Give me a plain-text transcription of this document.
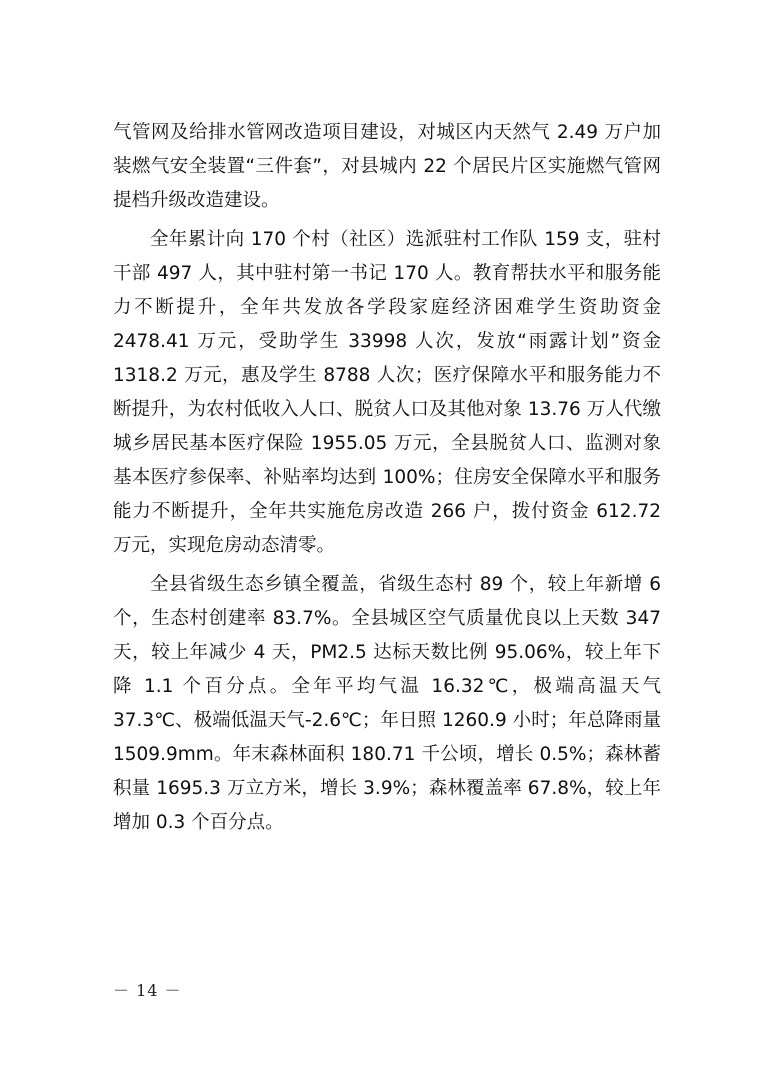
气管网及给排水管网改造项目建设，对城区内天然气 2.49 万户加装燃气安全装置“三件套”，对县城内 22 个居民片区实施燃气管网提档升级改造建设。

全年累计向 170 个村（社区）选派驻村工作队 159 支，驻村干部 497 人，其中驻村第一书记 170 人。教育帮扶水平和服务能力不断提升，全年共发放各学段家庭经济困难学生资助资金 2478.41 万元，受助学生 33998 人次，发放“雨露计划”资金 1318.2 万元，惠及学生 8788 人次；医疗保障水平和服务能力不断提升，为农村低收入人口、脱贫人口及其他对象 13.76 万人代缴城乡居民基本医疗保险 1955.05 万元，全县脱贫人口、监测对象基本医疗参保率、补贴率均达到 100%；住房安全保障水平和服务能力不断提升，全年共实施危房改造 266 户，拨付资金 612.72 万元，实现危房动态清零。

全县省级生态乡镇全覆盖，省级生态村 89 个，较上年新增 6 个，生态村创建率 83.7%。全县城区空气质量优良以上天数 347 天，较上年减少 4 天，PM2.5 达标天数比例 95.06%，较上年下降 1.1 个百分点。全年平均气温 16.32℃，极端高温天气 37.3℃、极端低温天气-2.6℃；年日照 1260.9 小时；年总降雨量 1509.9mm。年末森林面积 180.71 千公顷，增长 0.5%；森林蓄积量 1695.3 万立方米，增长 3.9%；森林覆盖率 67.8%，较上年增加 0.3 个百分点。

－ 14 －
